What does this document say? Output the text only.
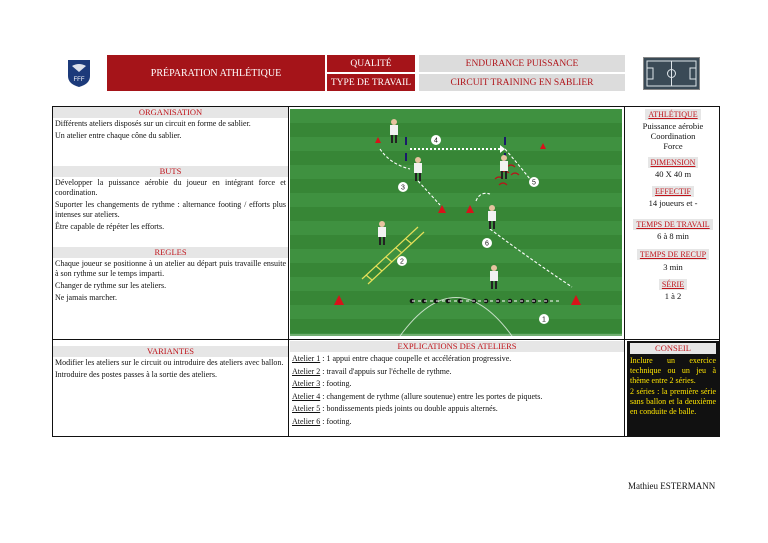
FFF
PRÉPARATION ATHLÉTIQUE
QUALITÉ	ENDURANCE PUISSANCE
TYPE DE TRAVAIL	CIRCUIT TRAINING EN SABLIER
ORGANISATION

Différents ateliers disposés sur un circuit en forme de sablier.

Un atelier entre chaque cône du sablier.

BUTS

Développer la puissance aérobie du joueur en intégrant force et coordination.

Suporter les changements de rythme : alternance footing / efforts plus intenses sur ateliers.

Être capable de répéter les efforts.

REGLES

Chaque joueur se positionne à un atelier au départ puis travaille ensuite à son rythme sur le temps imparti.

Changer de rythme sur les ateliers.

Ne jamais marcher.

VARIANTES

Modifier les ateliers sur le circuit ou introduire des ateliers avec ballon.

Introduire des postes passes à la sortie des ateliers.

1
2
3
4
5
6
ATHLÉTIQUE
Puissance aérobie
Coordination
Force
DIMENSION
40 X 40 m
EFFECTIF
14 joueurs et -
TEMPS DE TRAVAIL
6 à 8 min
TEMPS DE RECUP
3 min
SÉRIE
1 à 2
EXPLICATIONS DES ATELIERS
Atelier 1 : 1 appui entre chaque coupelle et accélération progressive.
Atelier 2 : travail d'appuis sur l'échelle de rythme.
Atelier 3 : footing.
Atelier 4 : changement de rythme (allure soutenue) entre les portes de piquets.
Atelier 5 : bondissements pieds joints ou double appuis alternés.
Atelier 6 : footing.
CONSEIL
Inclure un exercice technique ou un jeu à thème entre 2 séries.
2 séries : la première série sans ballon et la deuxième en conduite de balle.
Mathieu ESTERMANN
